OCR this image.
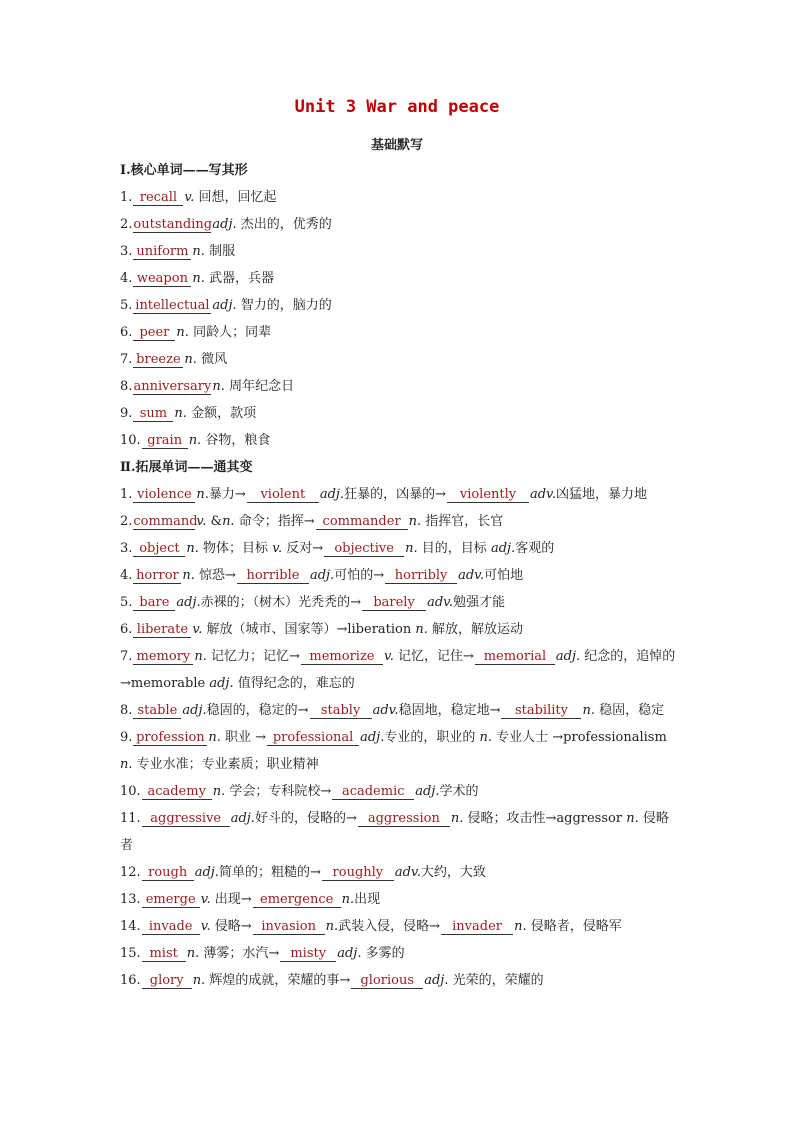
Unit 3 War and peace
基础默写
Ⅰ.核心单词——写其形
1. recall v. 回想，回忆起
2.outstandingadj. 杰出的，优秀的
3. uniform n. 制服
4. weapon n. 武器，兵器
5. intellectual adj. 智力的，脑力的
6. peer n. 同龄人；同辈
7. breeze n. 微风
8.anniversaryn. 周年纪念日
9. sum n. 金额，款项
10. grain n. 谷物，粮食
Ⅱ.拓展单词——通其变
1. violence n.暴力→ violent adj.狂暴的，凶暴的→ violently adv.凶猛地，暴力地
2.commandv. &n. 命令；指挥→ commander n. 指挥官，长官
3. object n. 物体；目标 v. 反对→ objective n. 目的，目标 adj.客观的
4. horror n. 惊恐→ horrible adj.可怕的→ horribly adv.可怕地
5. bare adj.赤裸的；（树木）光秃秃的→ barely adv.勉强才能
6. liberate v. 解放（城市、国家等）→liberation n. 解放，解放运动
7. memory n. 记忆力；记忆→ memorize v. 记忆，记住→ memorial adj. 纪念的，追悼的→memorable adj. 值得纪念的，难忘的
8. stable adj.稳固的，稳定的→ stably adv.稳固地，稳定地→ stability n. 稳固，稳定
9. profession n. 职业 → professional adj.专业的，职业的 n. 专业人士 →professionalism n. 专业水准；专业素质；职业精神
10. academy n. 学会；专科院校→ academic adj.学术的
11. aggressive adj.好斗的，侵略的→ aggression n. 侵略；攻击性→aggressor n. 侵略者
12. rough adj.简单的；粗糙的→ roughly adv.大约，大致
13. emerge v. 出现→ emergence n.出现
14. invade v. 侵略→ invasion n.武装入侵，侵略→ invader n. 侵略者，侵略军
15. mist n. 薄雾；水汽→ misty adj. 多雾的
16. glory n. 辉煌的成就，荣耀的事→ glorious adj. 光荣的，荣耀的
